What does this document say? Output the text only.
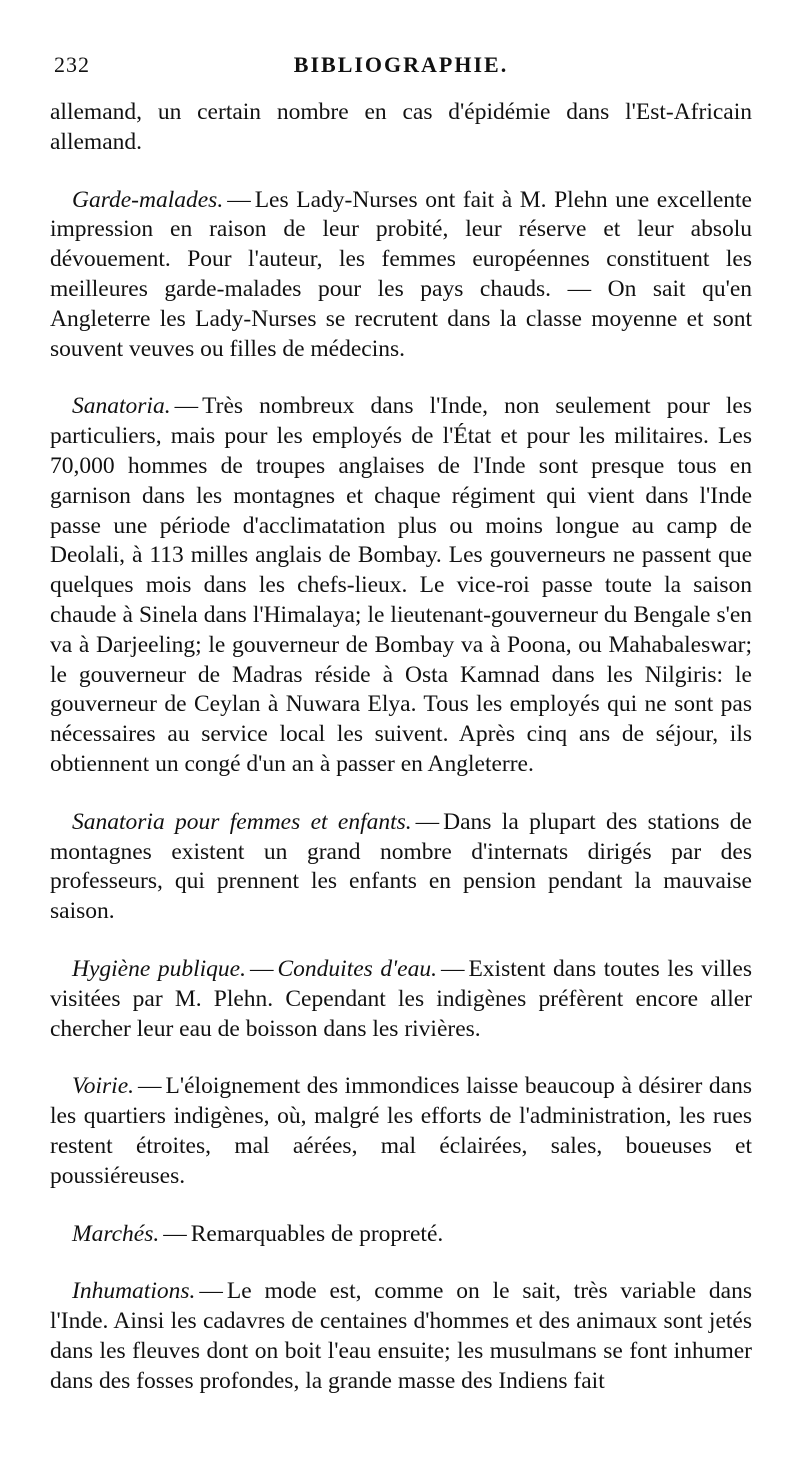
232	BIBLIOGRAPHIE.

allemand, un certain nombre en cas d'épidémie dans l'Est-Africain allemand.

Garde-malades. — Les Lady-Nurses ont fait à M. Plehn une excellente impression en raison de leur probité, leur réserve et leur absolu dévouement. Pour l'auteur, les femmes européennes constituent les meilleures garde-malades pour les pays chauds. — On sait qu'en Angleterre les Lady-Nurses se recrutent dans la classe moyenne et sont souvent veuves ou filles de médecins.

Sanatoria. — Très nombreux dans l'Inde, non seulement pour les particuliers, mais pour les employés de l'État et pour les militaires. Les 70,000 hommes de troupes anglaises de l'Inde sont presque tous en garnison dans les montagnes et chaque régiment qui vient dans l'Inde passe une période d'acclimatation plus ou moins longue au camp de Deolali, à 113 milles anglais de Bombay. Les gouverneurs ne passent que quelques mois dans les chefs-lieux. Le vice-roi passe toute la saison chaude à Sinela dans l'Himalaya; le lieutenant-gouverneur du Bengale s'en va à Darjeeling; le gouverneur de Bombay va à Poona, ou Mahabaleswar; le gouverneur de Madras réside à Osta Kamnad dans les Nilgiris: le gouverneur de Ceylan à Nuwara Elya. Tous les employés qui ne sont pas nécessaires au service local les suivent. Après cinq ans de séjour, ils obtiennent un congé d'un an à passer en Angleterre.

Sanatoria pour femmes et enfants. — Dans la plupart des stations de montagnes existent un grand nombre d'internats dirigés par des professeurs, qui prennent les enfants en pension pendant la mauvaise saison.

Hygiène publique. — Conduites d'eau. — Existent dans toutes les villes visitées par M. Plehn. Cependant les indigènes préfèrent encore aller chercher leur eau de boisson dans les rivières.

Voirie. — L'éloignement des immondices laisse beaucoup à désirer dans les quartiers indigènes, où, malgré les efforts de l'administration, les rues restent étroites, mal aérées, mal éclairées, sales, boueuses et poussiéreuses.

Marchés. — Remarquables de propreté.

Inhumations. — Le mode est, comme on le sait, très variable dans l'Inde. Ainsi les cadavres de centaines d'hommes et des animaux sont jetés dans les fleuves dont on boit l'eau ensuite; les musulmans se font inhumer dans des fosses profondes, la grande masse des Indiens fait
